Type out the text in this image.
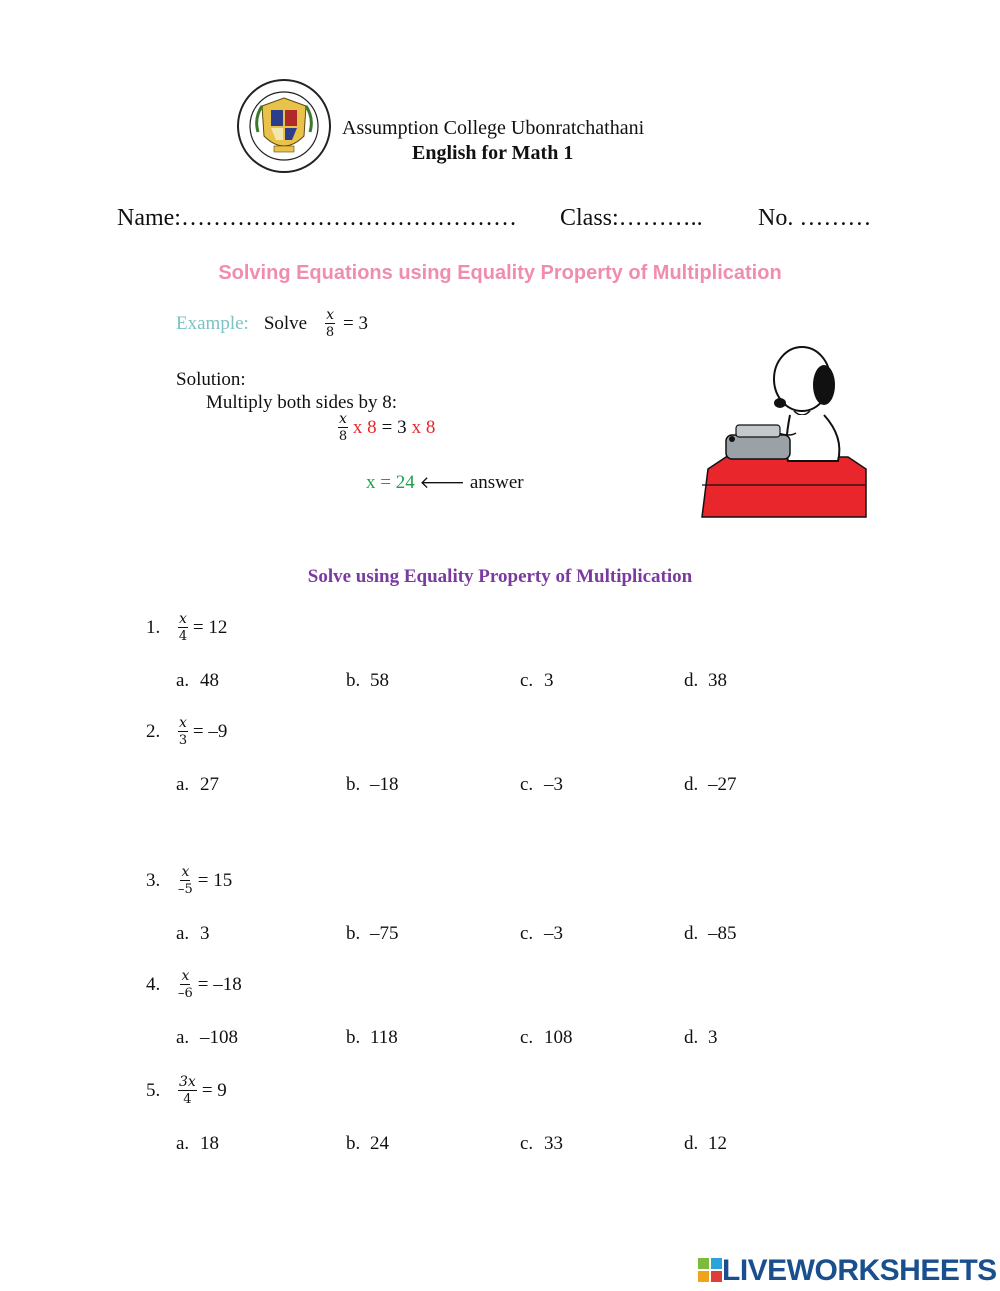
Assumption College Ubonratchathani
English for Math 1
Name:…………………………………… Class:……….. No. ………
Solving Equations using Equality Property of Multiplication
Example: Solve $\frac{x}{8} = 3$
Solution:
Multiply both sides by 8:
$\frac{x}{8}$ x 8 = 3 x 8
x = 24 🡐 answer
Solve using Equality Property of Multiplication
1.	$\frac{x}{4} = 12$
a. 48	b. 58	c. 3	d. 38
2.	$\frac{x}{3} = -9$
a. 27	b. –18	c. –3	d. –27
3.	$\frac{x}{-5} = 15$
a. 3	b. –75	c. –3	d. –85
4.	$\frac{x}{-6} = -18$
a. –108	b. 118	c. 108	d. 3
5.	$\frac{3x}{4} = 9$
a. 18	b. 24	c. 33	d. 12
LIVEWORKSHEETS
